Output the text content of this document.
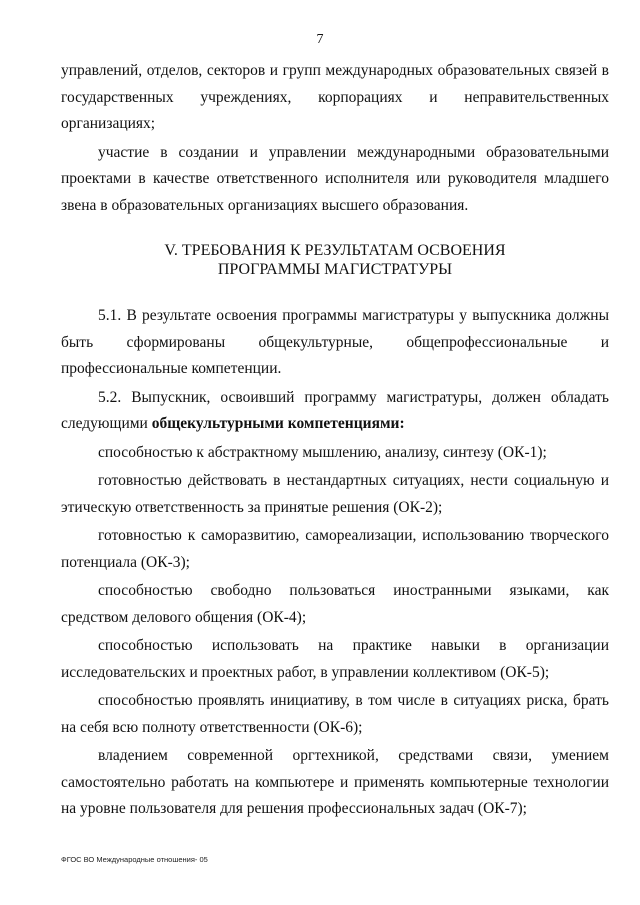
7

управлений, отделов, секторов и групп международных образовательных связей в государственных учреждениях, корпорациях и неправительственных организациях;

участие в создании и управлении международными образовательными проектами в качестве ответственного исполнителя или руководителя младшего звена в образовательных организациях высшего образования.

V. ТРЕБОВАНИЯ К РЕЗУЛЬТАТАМ ОСВОЕНИЯ
ПРОГРАММЫ МАГИСТРАТУРЫ

5.1. В результате освоения программы магистратуры у выпускника должны быть сформированы общекультурные, общепрофессиональные и профессиональные компетенции.

5.2. Выпускник, освоивший программу магистратуры, должен обладать следующими общекультурными компетенциями:

способностью к абстрактному мышлению, анализу, синтезу (ОК-1);

готовностью действовать в нестандартных ситуациях, нести социальную и этическую ответственность за принятые решения (ОК-2);

готовностью к саморазвитию, самореализации, использованию творческого потенциала (ОК-3);

способностью свободно пользоваться иностранными языками, как средством делового общения (ОК-4);

способностью использовать на практике навыки в организации исследовательских и проектных работ, в управлении коллективом (ОК-5);

способностью проявлять инициативу, в том числе в ситуациях риска, брать на себя всю полноту ответственности (ОК-6);

владением современной оргтехникой, средствами связи, умением самостоятельно работать на компьютере и применять компьютерные технологии на уровне пользователя для решения профессиональных задач (ОК-7);

ФГОС ВО Международные отношения- 05
